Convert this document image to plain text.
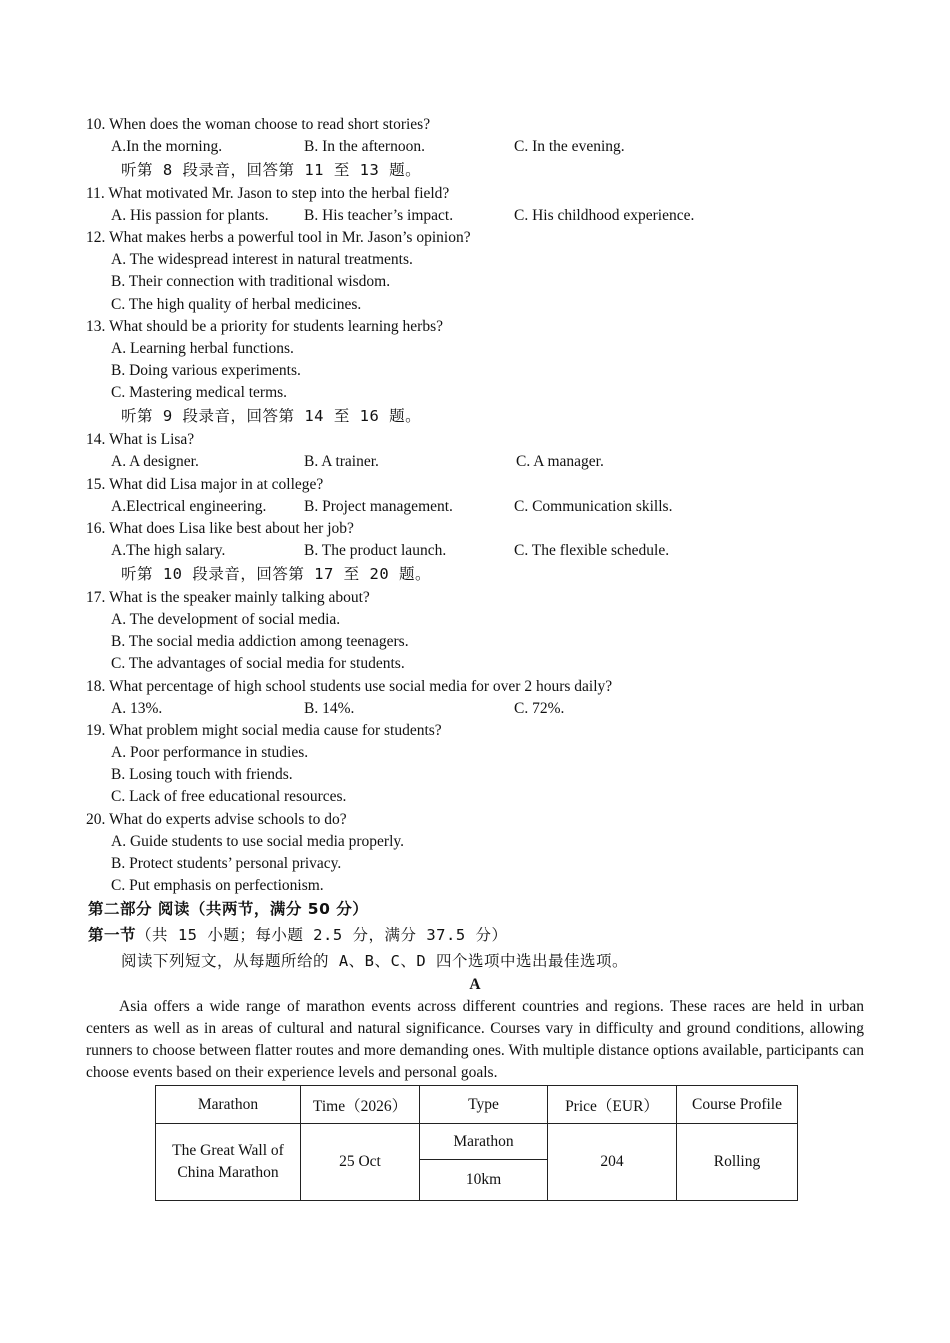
10. When does the woman choose to read short stories?
A.In the morning.	B. In the afternoon.	C. In the evening.
听第 8 段录音，回答第 11 至 13 题。
11. What motivated Mr. Jason to step into the herbal field?
A. His passion for plants. B. His teacher’s impact.	C. His childhood experience.
12. What makes herbs a powerful tool in Mr. Jason’s opinion?
A. The widespread interest in natural treatments.
B. Their connection with traditional wisdom.
C. The high quality of herbal medicines.
13. What should be a priority for students learning herbs?
A. Learning herbal functions.
B. Doing various experiments.
C. Mastering medical terms.
听第 9 段录音，回答第 14 至 16 题。
14. What is Lisa?
A. A designer.	B. A trainer.	C. A manager.
15. What did Lisa major in at college?
A.Electrical engineering. B. Project management.	C. Communication skills.
16. What does Lisa like best about her job?
A.The high salary.	B. The product launch.	C. The flexible schedule.
听第 10 段录音，回答第 17 至 20 题。
17. What is the speaker mainly talking about?
A. The development of social media.
B. The social media addiction among teenagers.
C. The advantages of social media for students.
18. What percentage of high school students use social media for over 2 hours daily?
A. 13%.	B. 14%.	C. 72%.
19. What problem might social media cause for students?
A. Poor performance in studies.
B. Losing touch with friends.
C. Lack of free educational resources.
20. What do experts advise schools to do?
A. Guide students to use social media properly.
B. Protect students’ personal privacy.
C. Put emphasis on perfectionism.
第二部分 阅读（共两节，满分 50 分）
第一节（共 15 小题；每小题 2.5 分，满分 37.5 分）
阅读下列短文，从每题所给的 A、B、C、D 四个选项中选出最佳选项。
A
Asia offers a wide range of marathon events across different countries and regions. These races are held in urban centers as well as in areas of cultural and natural significance. Courses vary in difficulty and ground conditions, allowing runners to choose between flatter routes and more demanding ones. With multiple distance options available, participants can choose events based on their experience levels and personal goals.
Marathon	Time（2026）	Type	Price（EUR）	Course Profile
The Great Wall of China Marathon	25 Oct	Marathon	204	Rolling
		10km		
